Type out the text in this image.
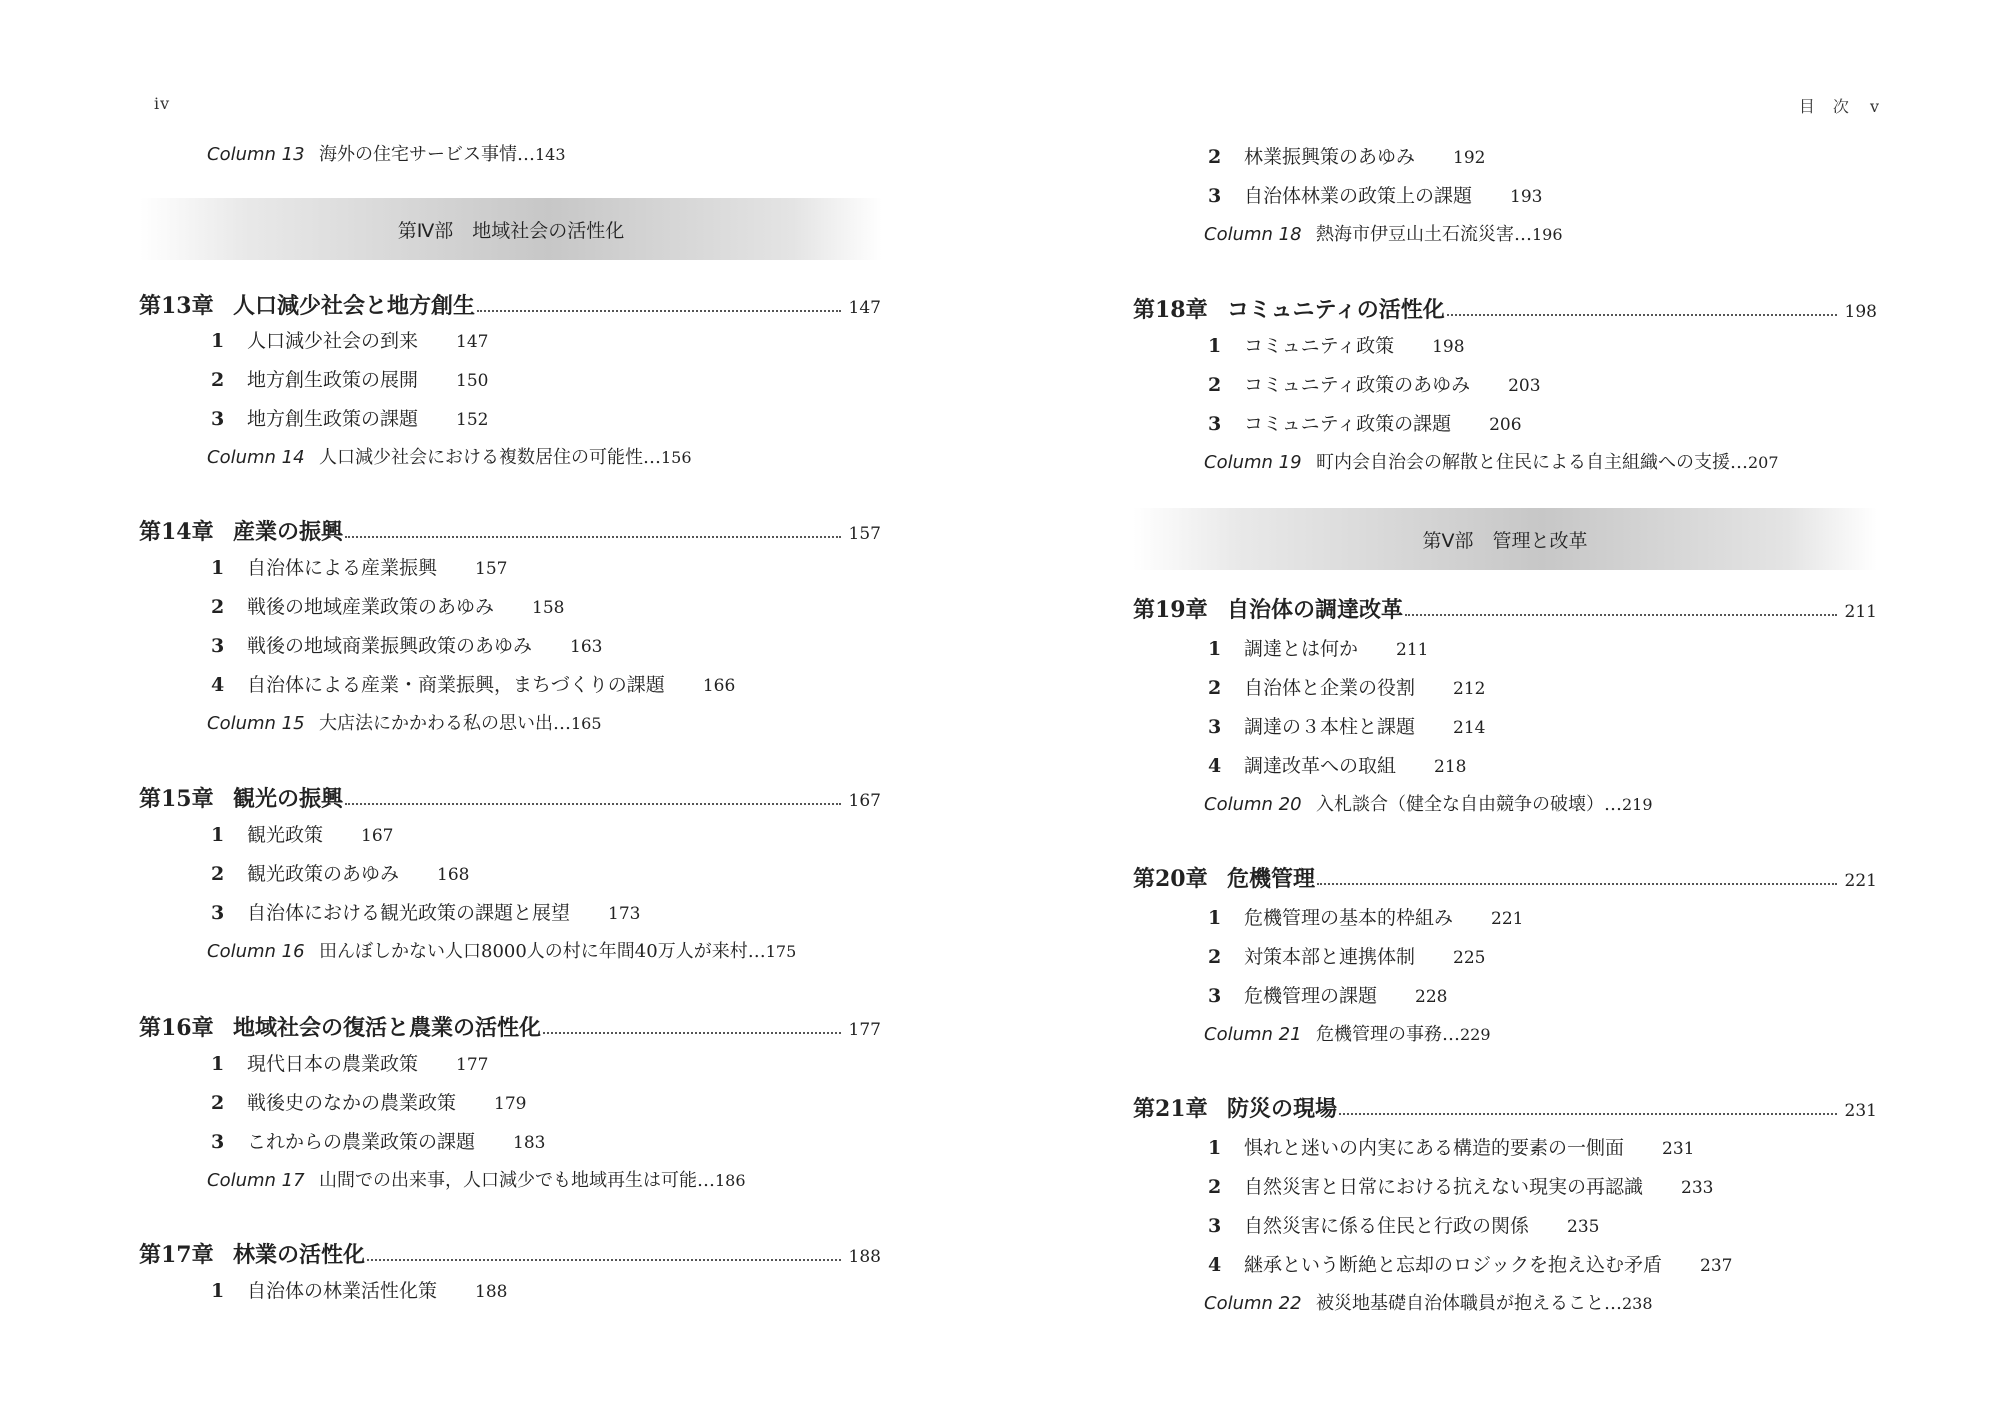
iv
Column 13 海外の住宅サービス事情…143
第Ⅳ部　地域社会の活性化
第13章 人口減少社会と地方創生	147
1 人口減少社会の到来 147
2 地方創生政策の展開 150
3 地方創生政策の課題 152
Column 14 人口減少社会における複数居住の可能性…156
第14章 産業の振興	157
1 自治体による産業振興 157
2 戦後の地域産業政策のあゆみ 158
3 戦後の地域商業振興政策のあゆみ 163
4 自治体による産業・商業振興，まちづくりの課題 166
Column 15 大店法にかかわる私の思い出…165
第15章 観光の振興	167
1 観光政策 167
2 観光政策のあゆみ 168
3 自治体における観光政策の課題と展望 173
Column 16 田んぼしかない人口8000人の村に年間40万人が来村…175
第16章 地域社会の復活と農業の活性化	177
1 現代日本の農業政策 177
2 戦後史のなかの農業政策 179
3 これからの農業政策の課題 183
Column 17 山間での出来事，人口減少でも地域再生は可能…186
第17章 林業の活性化	188
1 自治体の林業活性化策 188
目　次 v
2 林業振興策のあゆみ 192
3 自治体林業の政策上の課題 193
Column 18 熱海市伊豆山土石流災害…196
第18章 コミュニティの活性化	198
1 コミュニティ政策 198
2 コミュニティ政策のあゆみ 203
3 コミュニティ政策の課題 206
Column 19 町内会自治会の解散と住民による自主組織への支援…207
第Ⅴ部　管理と改革
第19章 自治体の調達改革	211
1 調達とは何か 211
2 自治体と企業の役割 212
3 調達の３本柱と課題 214
4 調達改革への取組 218
Column 20 入札談合（健全な自由競争の破壊）…219
第20章 危機管理	221
1 危機管理の基本的枠組み 221
2 対策本部と連携体制 225
3 危機管理の課題 228
Column 21 危機管理の事務…229
第21章 防災の現場	231
1 惧れと迷いの内実にある構造的要素の一側面 231
2 自然災害と日常における抗えない現実の再認識 233
3 自然災害に係る住民と行政の関係 235
4 継承という断絶と忘却のロジックを抱え込む矛盾 237
Column 22 被災地基礎自治体職員が抱えること…238
